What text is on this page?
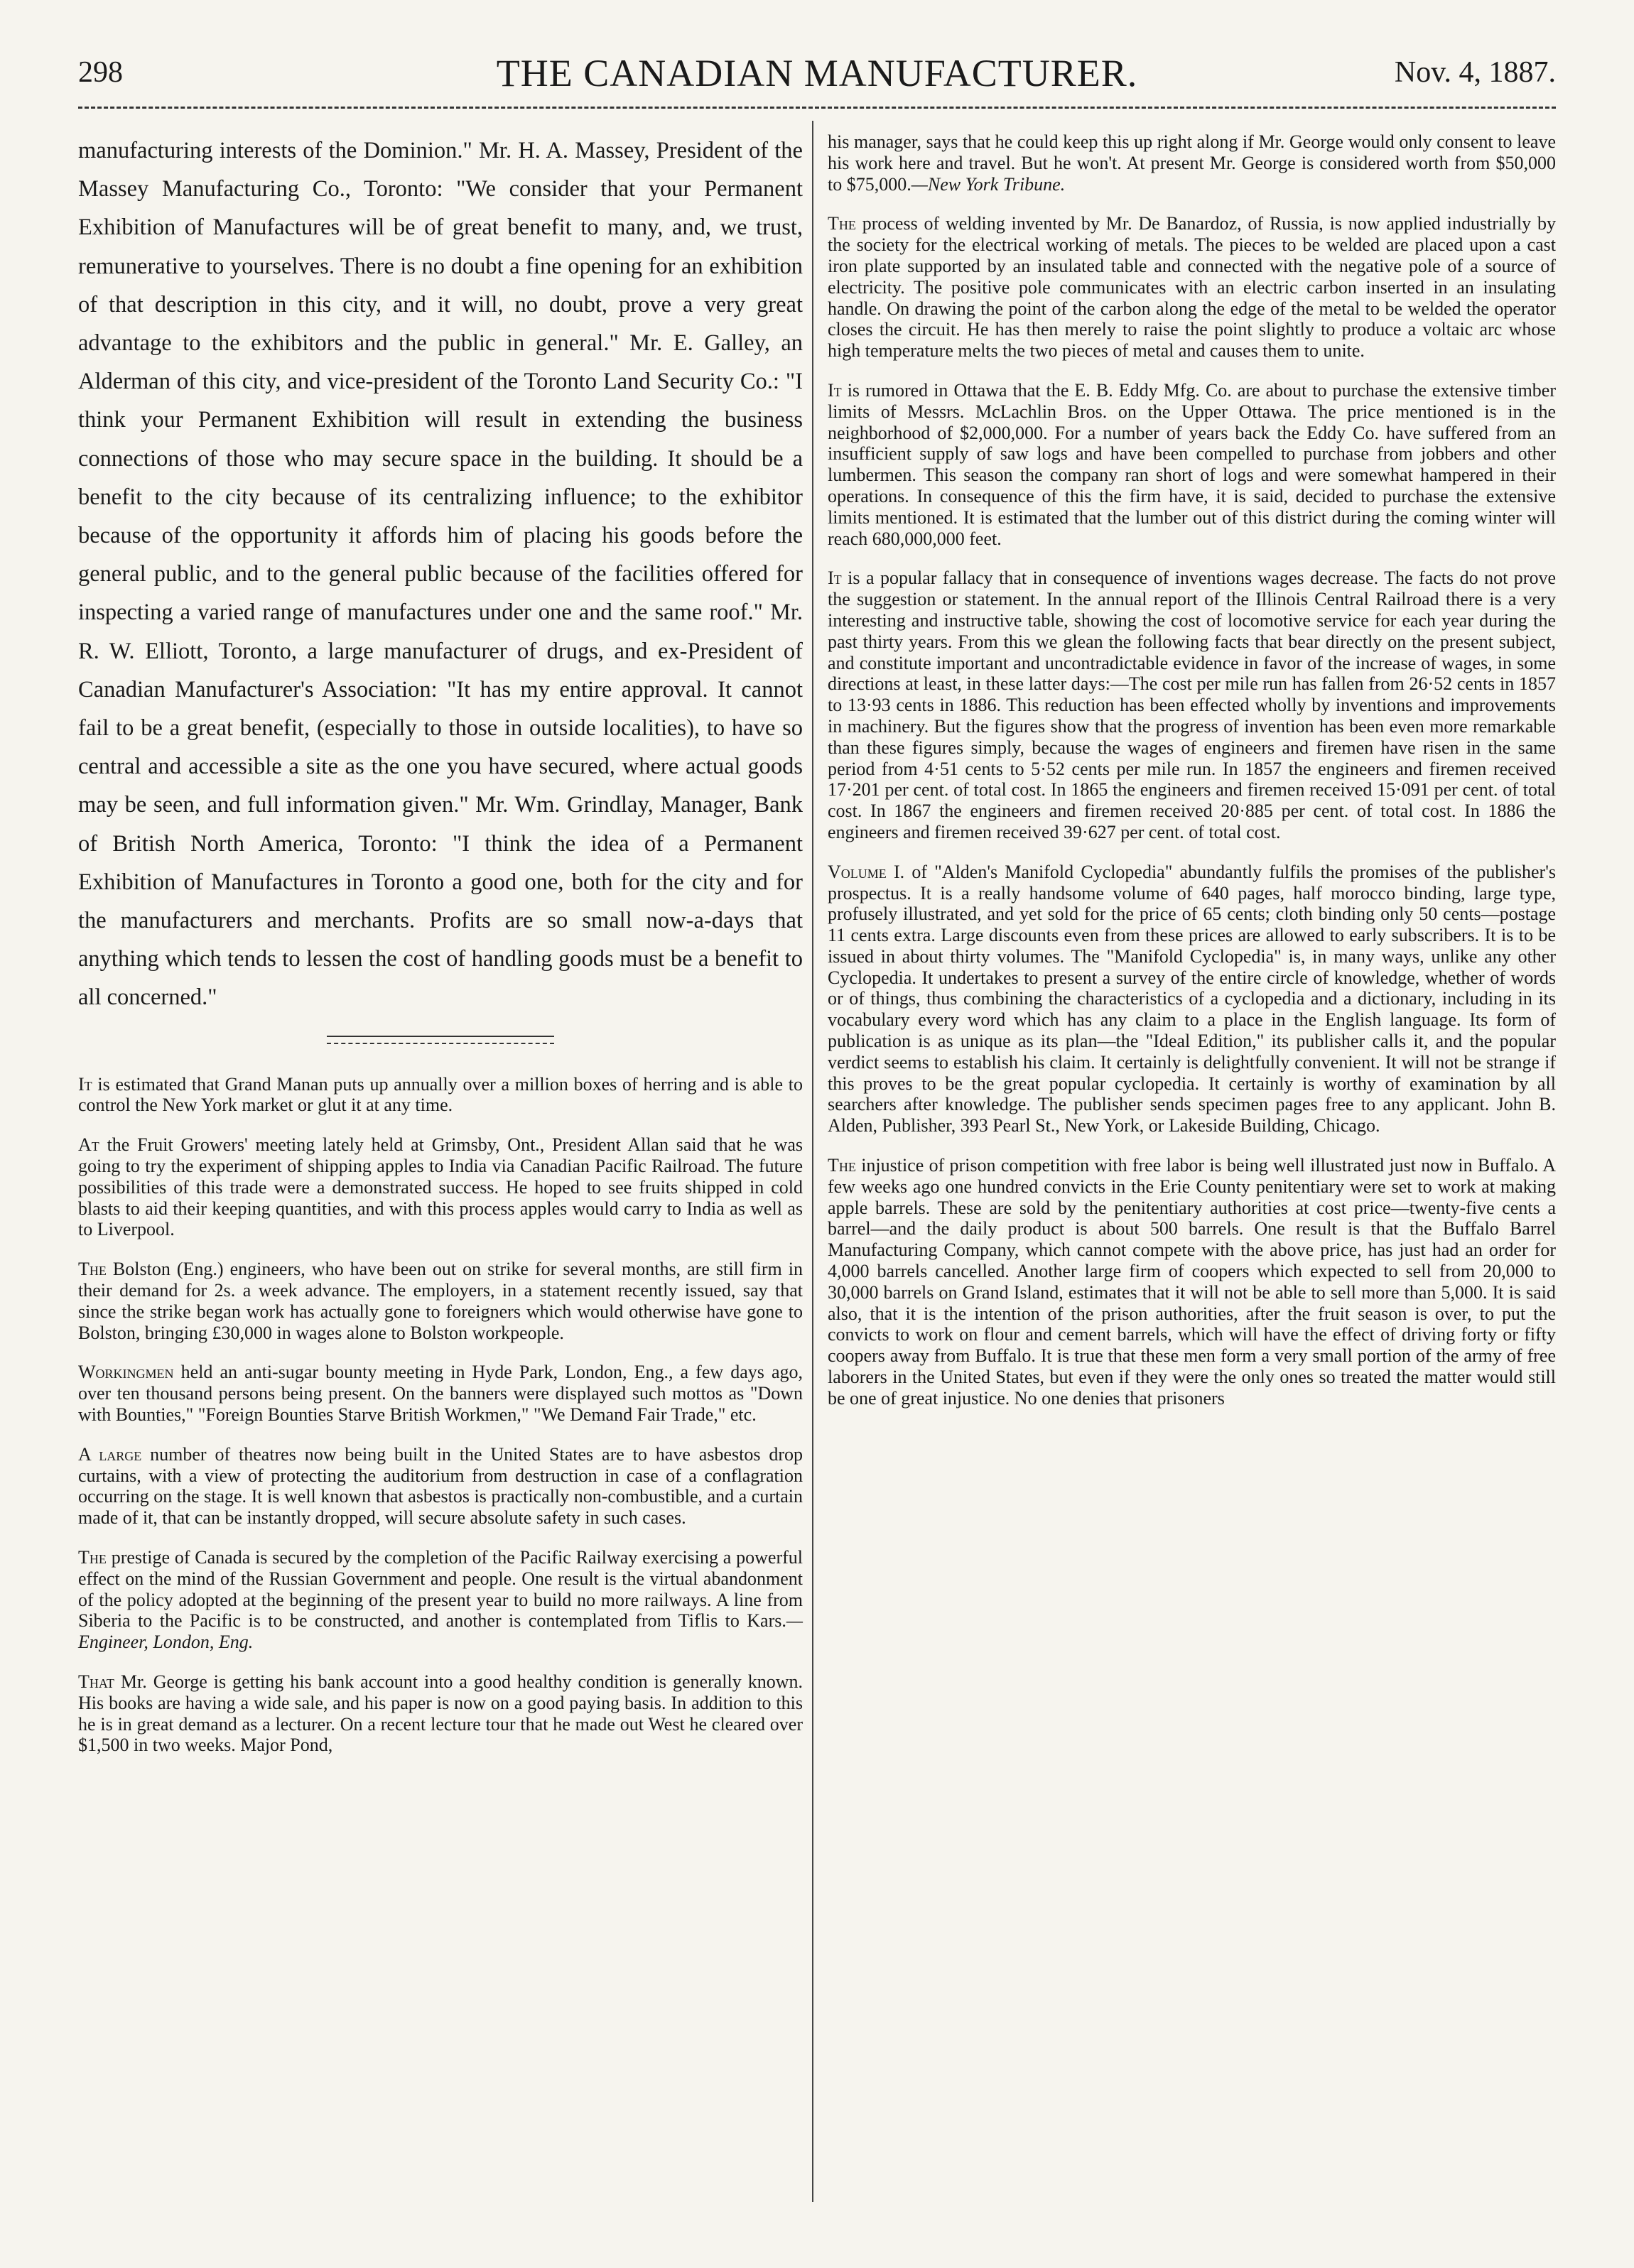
298	THE CANADIAN MANUFACTURER.	Nov. 4, 1887.

manufacturing interests of the Dominion." Mr. H. A. Massey, President of the Massey Manufacturing Co., Toronto: "We consider that your Permanent Exhibition of Manufactures will be of great benefit to many, and, we trust, remunerative to yourselves. There is no doubt a fine opening for an exhibition of that description in this city, and it will, no doubt, prove a very great advantage to the exhibitors and the public in general." Mr. E. Galley, an Alderman of this city, and vice-president of the Toronto Land Security Co.: "I think your Permanent Exhibition will result in extending the business connections of those who may secure space in the building. It should be a benefit to the city because of its centralizing influence; to the exhibitor because of the opportunity it affords him of placing his goods before the general public, and to the general public because of the facilities offered for inspecting a varied range of manufactures under one and the same roof." Mr. R. W. Elliott, Toronto, a large manufacturer of drugs, and ex-President of Canadian Manufacturer's Association: "It has my entire approval. It cannot fail to be a great benefit, (especially to those in outside localities), to have so central and accessible a site as the one you have secured, where actual goods may be seen, and full information given." Mr. Wm. Grindlay, Manager, Bank of British North America, Toronto: "I think the idea of a Permanent Exhibition of Manufactures in Toronto a good one, both for the city and for the manufacturers and merchants. Profits are so small now-a-days that anything which tends to lessen the cost of handling goods must be a benefit to all concerned."

It is estimated that Grand Manan puts up annually over a million boxes of herring and is able to control the New York market or glut it at any time.

At the Fruit Growers' meeting lately held at Grimsby, Ont., President Allan said that he was going to try the experiment of shipping apples to India via Canadian Pacific Railroad. The future possibilities of this trade were a demonstrated success. He hoped to see fruits shipped in cold blasts to aid their keeping quantities, and with this process apples would carry to India as well as to Liverpool.

The Bolston (Eng.) engineers, who have been out on strike for several months, are still firm in their demand for 2s. a week advance. The employers, in a statement recently issued, say that since the strike began work has actually gone to foreigners which would otherwise have gone to Bolston, bringing £30,000 in wages alone to Bolston workpeople.

Workingmen held an anti-sugar bounty meeting in Hyde Park, London, Eng., a few days ago, over ten thousand persons being present. On the banners were displayed such mottos as "Down with Bounties," "Foreign Bounties Starve British Workmen," "We Demand Fair Trade," etc.

A large number of theatres now being built in the United States are to have asbestos drop curtains, with a view of protecting the auditorium from destruction in case of a conflagration occurring on the stage. It is well known that asbestos is practically non-combustible, and a curtain made of it, that can be instantly dropped, will secure absolute safety in such cases.

The prestige of Canada is secured by the completion of the Pacific Railway exercising a powerful effect on the mind of the Russian Government and people. One result is the virtual abandonment of the policy adopted at the beginning of the present year to build no more railways. A line from Siberia to the Pacific is to be constructed, and another is contemplated from Tiflis to Kars.—Engineer, London, Eng.

That Mr. George is getting his bank account into a good healthy condition is generally known. His books are having a wide sale, and his paper is now on a good paying basis. In addition to this he is in great demand as a lecturer. On a recent lecture tour that he made out West he cleared over $1,500 in two weeks. Major Pond,

his manager, says that he could keep this up right along if Mr. George would only consent to leave his work here and travel. But he won't. At present Mr. George is considered worth from $50,000 to $75,000.—New York Tribune.

The process of welding invented by Mr. De Banardoz, of Russia, is now applied industrially by the society for the electrical working of metals. The pieces to be welded are placed upon a cast iron plate supported by an insulated table and connected with the negative pole of a source of electricity. The positive pole communicates with an electric carbon inserted in an insulating handle. On drawing the point of the carbon along the edge of the metal to be welded the operator closes the circuit. He has then merely to raise the point slightly to produce a voltaic arc whose high temperature melts the two pieces of metal and causes them to unite.

It is rumored in Ottawa that the E. B. Eddy Mfg. Co. are about to purchase the extensive timber limits of Messrs. McLachlin Bros. on the Upper Ottawa. The price mentioned is in the neighborhood of $2,000,000. For a number of years back the Eddy Co. have suffered from an insufficient supply of saw logs and have been compelled to purchase from jobbers and other lumbermen. This season the company ran short of logs and were somewhat hampered in their operations. In consequence of this the firm have, it is said, decided to purchase the extensive limits mentioned. It is estimated that the lumber out of this district during the coming winter will reach 680,000,000 feet.

It is a popular fallacy that in consequence of inventions wages decrease. The facts do not prove the suggestion or statement. In the annual report of the Illinois Central Railroad there is a very interesting and instructive table, showing the cost of locomotive service for each year during the past thirty years. From this we glean the following facts that bear directly on the present subject, and constitute important and uncontradictable evidence in favor of the increase of wages, in some directions at least, in these latter days:—The cost per mile run has fallen from 26·52 cents in 1857 to 13·93 cents in 1886. This reduction has been effected wholly by inventions and improvements in machinery. But the figures show that the progress of invention has been even more remarkable than these figures simply, because the wages of engineers and firemen have risen in the same period from 4·51 cents to 5·52 cents per mile run. In 1857 the engineers and firemen received 17·201 per cent. of total cost. In 1865 the engineers and firemen received 15·091 per cent. of total cost. In 1867 the engineers and firemen received 20·885 per cent. of total cost. In 1886 the engineers and firemen received 39·627 per cent. of total cost.

Volume I. of "Alden's Manifold Cyclopedia" abundantly fulfils the promises of the publisher's prospectus. It is a really handsome volume of 640 pages, half morocco binding, large type, profusely illustrated, and yet sold for the price of 65 cents; cloth binding only 50 cents—postage 11 cents extra. Large discounts even from these prices are allowed to early subscribers. It is to be issued in about thirty volumes. The "Manifold Cyclopedia" is, in many ways, unlike any other Cyclopedia. It undertakes to present a survey of the entire circle of knowledge, whether of words or of things, thus combining the characteristics of a cyclopedia and a dictionary, including in its vocabulary every word which has any claim to a place in the English language. Its form of publication is as unique as its plan—the "Ideal Edition," its publisher calls it, and the popular verdict seems to establish his claim. It certainly is delightfully convenient. It will not be strange if this proves to be the great popular cyclopedia. It certainly is worthy of examination by all searchers after knowledge. The publisher sends specimen pages free to any applicant. John B. Alden, Publisher, 393 Pearl St., New York, or Lakeside Building, Chicago.

The injustice of prison competition with free labor is being well illustrated just now in Buffalo. A few weeks ago one hundred convicts in the Erie County penitentiary were set to work at making apple barrels. These are sold by the penitentiary authorities at cost price—twenty-five cents a barrel—and the daily product is about 500 barrels. One result is that the Buffalo Barrel Manufacturing Company, which cannot compete with the above price, has just had an order for 4,000 barrels cancelled. Another large firm of coopers which expected to sell from 20,000 to 30,000 barrels on Grand Island, estimates that it will not be able to sell more than 5,000. It is said also, that it is the intention of the prison authorities, after the fruit season is over, to put the convicts to work on flour and cement barrels, which will have the effect of driving forty or fifty coopers away from Buffalo. It is true that these men form a very small portion of the army of free laborers in the United States, but even if they were the only ones so treated the matter would still be one of great injustice. No one denies that prisoners
